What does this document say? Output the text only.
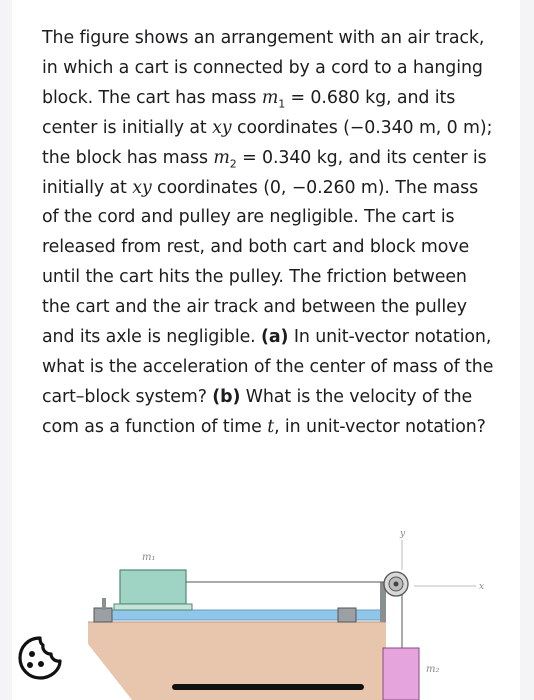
The figure shows an arrangement with an air track, in which a cart is connected by a cord to a hanging block. The cart has mass $m_1 = 0.680$ kg, and its center is initially at xy coordinates (−0.340 m, 0 m); the block has mass $m_2 = 0.340$ kg, and its center is initially at xy coordinates (0, −0.260 m). The mass of the cord and pulley are negligible. The cart is released from rest, and both cart and block move until the cart hits the pulley. The friction between the cart and the air track and between the pulley and its axle is negligible. (a) In unit-vector notation, what is the acceleration of the center of mass of the cart–block system? (b) What is the velocity of the com as a function of time t, in unit-vector notation?

m₁
y
x
m₂
